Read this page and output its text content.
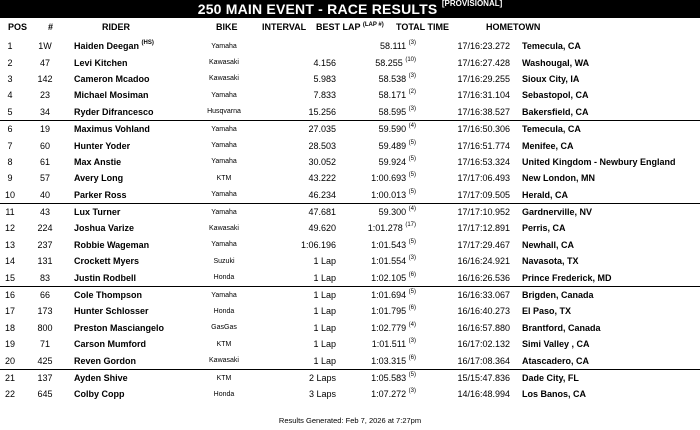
250 MAIN EVENT - RACE RESULTS [PROVISIONAL]
POS #	RIDER	BIKE	INTERVAL BEST LAP $^{(LAP \#)}$ TOTAL TIME	HOMETOWN
1	1W	Haiden Deegan $^{(HS)}$	Yamaha		58.111 $^{(3)}$	17/16:23.272	Temecula, CA
2	47	Levi Kitchen	Kawasaki	4.156	58.255 $^{(10)}$	17/16:27.428	Washougal, WA
3	142	Cameron Mcadoo	Kawasaki	5.983	58.538 $^{(3)}$	17/16:29.255	Sioux City, IA
4	23	Michael Mosiman	Yamaha	7.833	58.171 $^{(2)}$	17/16:31.104	Sebastopol, CA
5	34	Ryder Difrancesco	Husqvarna	15.256	58.595 $^{(3)}$	17/16:38.527	Bakersfield, CA
6	19	Maximus Vohland	Yamaha	27.035	59.590 $^{(4)}$	17/16:50.306	Temecula, CA
7	60	Hunter Yoder	Yamaha	28.503	59.489 $^{(5)}$	17/16:51.774	Menifee, CA
8	61	Max Anstie	Yamaha	30.052	59.924 $^{(5)}$	17/16:53.324	United Kingdom - Newbury England
9	57	Avery Long	KTM	43.222	1:00.693 $^{(5)}$	17/17:06.493	New London, MN
10	40	Parker Ross	Yamaha	46.234	1:00.013 $^{(5)}$	17/17:09.505	Herald, CA
11	43	Lux Turner	Yamaha	47.681	59.300 $^{(4)}$	17/17:10.952	Gardnerville, NV
12	224	Joshua Varize	Kawasaki	49.620	1:01.278 $^{(17)}$	17/17:12.891	Perris, CA
13	237	Robbie Wageman	Yamaha	1:06.196	1:01.543 $^{(5)}$	17/17:29.467	Newhall, CA
14	131	Crockett Myers	Suzuki	1 Lap	1:01.554 $^{(3)}$	16/16:24.921	Navasota, TX
15	83	Justin Rodbell	Honda	1 Lap	1:02.105 $^{(6)}$	16/16:26.536	Prince Frederick, MD
16	66	Cole Thompson	Yamaha	1 Lap	1:01.694 $^{(5)}$	16/16:33.067	Brigden, Canada
17	173	Hunter Schlosser	Honda	1 Lap	1:01.795 $^{(6)}$	16/16:40.273	El Paso, TX
18	800	Preston Masciangelo	GasGas	1 Lap	1:02.779 $^{(4)}$	16/16:57.880	Brantford, Canada
19	71	Carson Mumford	KTM	1 Lap	1:01.511 $^{(3)}$	16/17:02.132	Simi Valley , CA
20	425	Reven Gordon	Kawasaki	1 Lap	1:03.315 $^{(6)}$	16/17:08.364	Atascadero, CA
21	137	Ayden Shive	KTM	2 Laps	1:05.583 $^{(5)}$	15/15:47.836	Dade City, FL
22	645	Colby Copp	Honda	3 Laps	1:07.272 $^{(3)}$	14/16:48.994	Los Banos, CA
Results Generated: Feb 7, 2026 at 7:27pm
